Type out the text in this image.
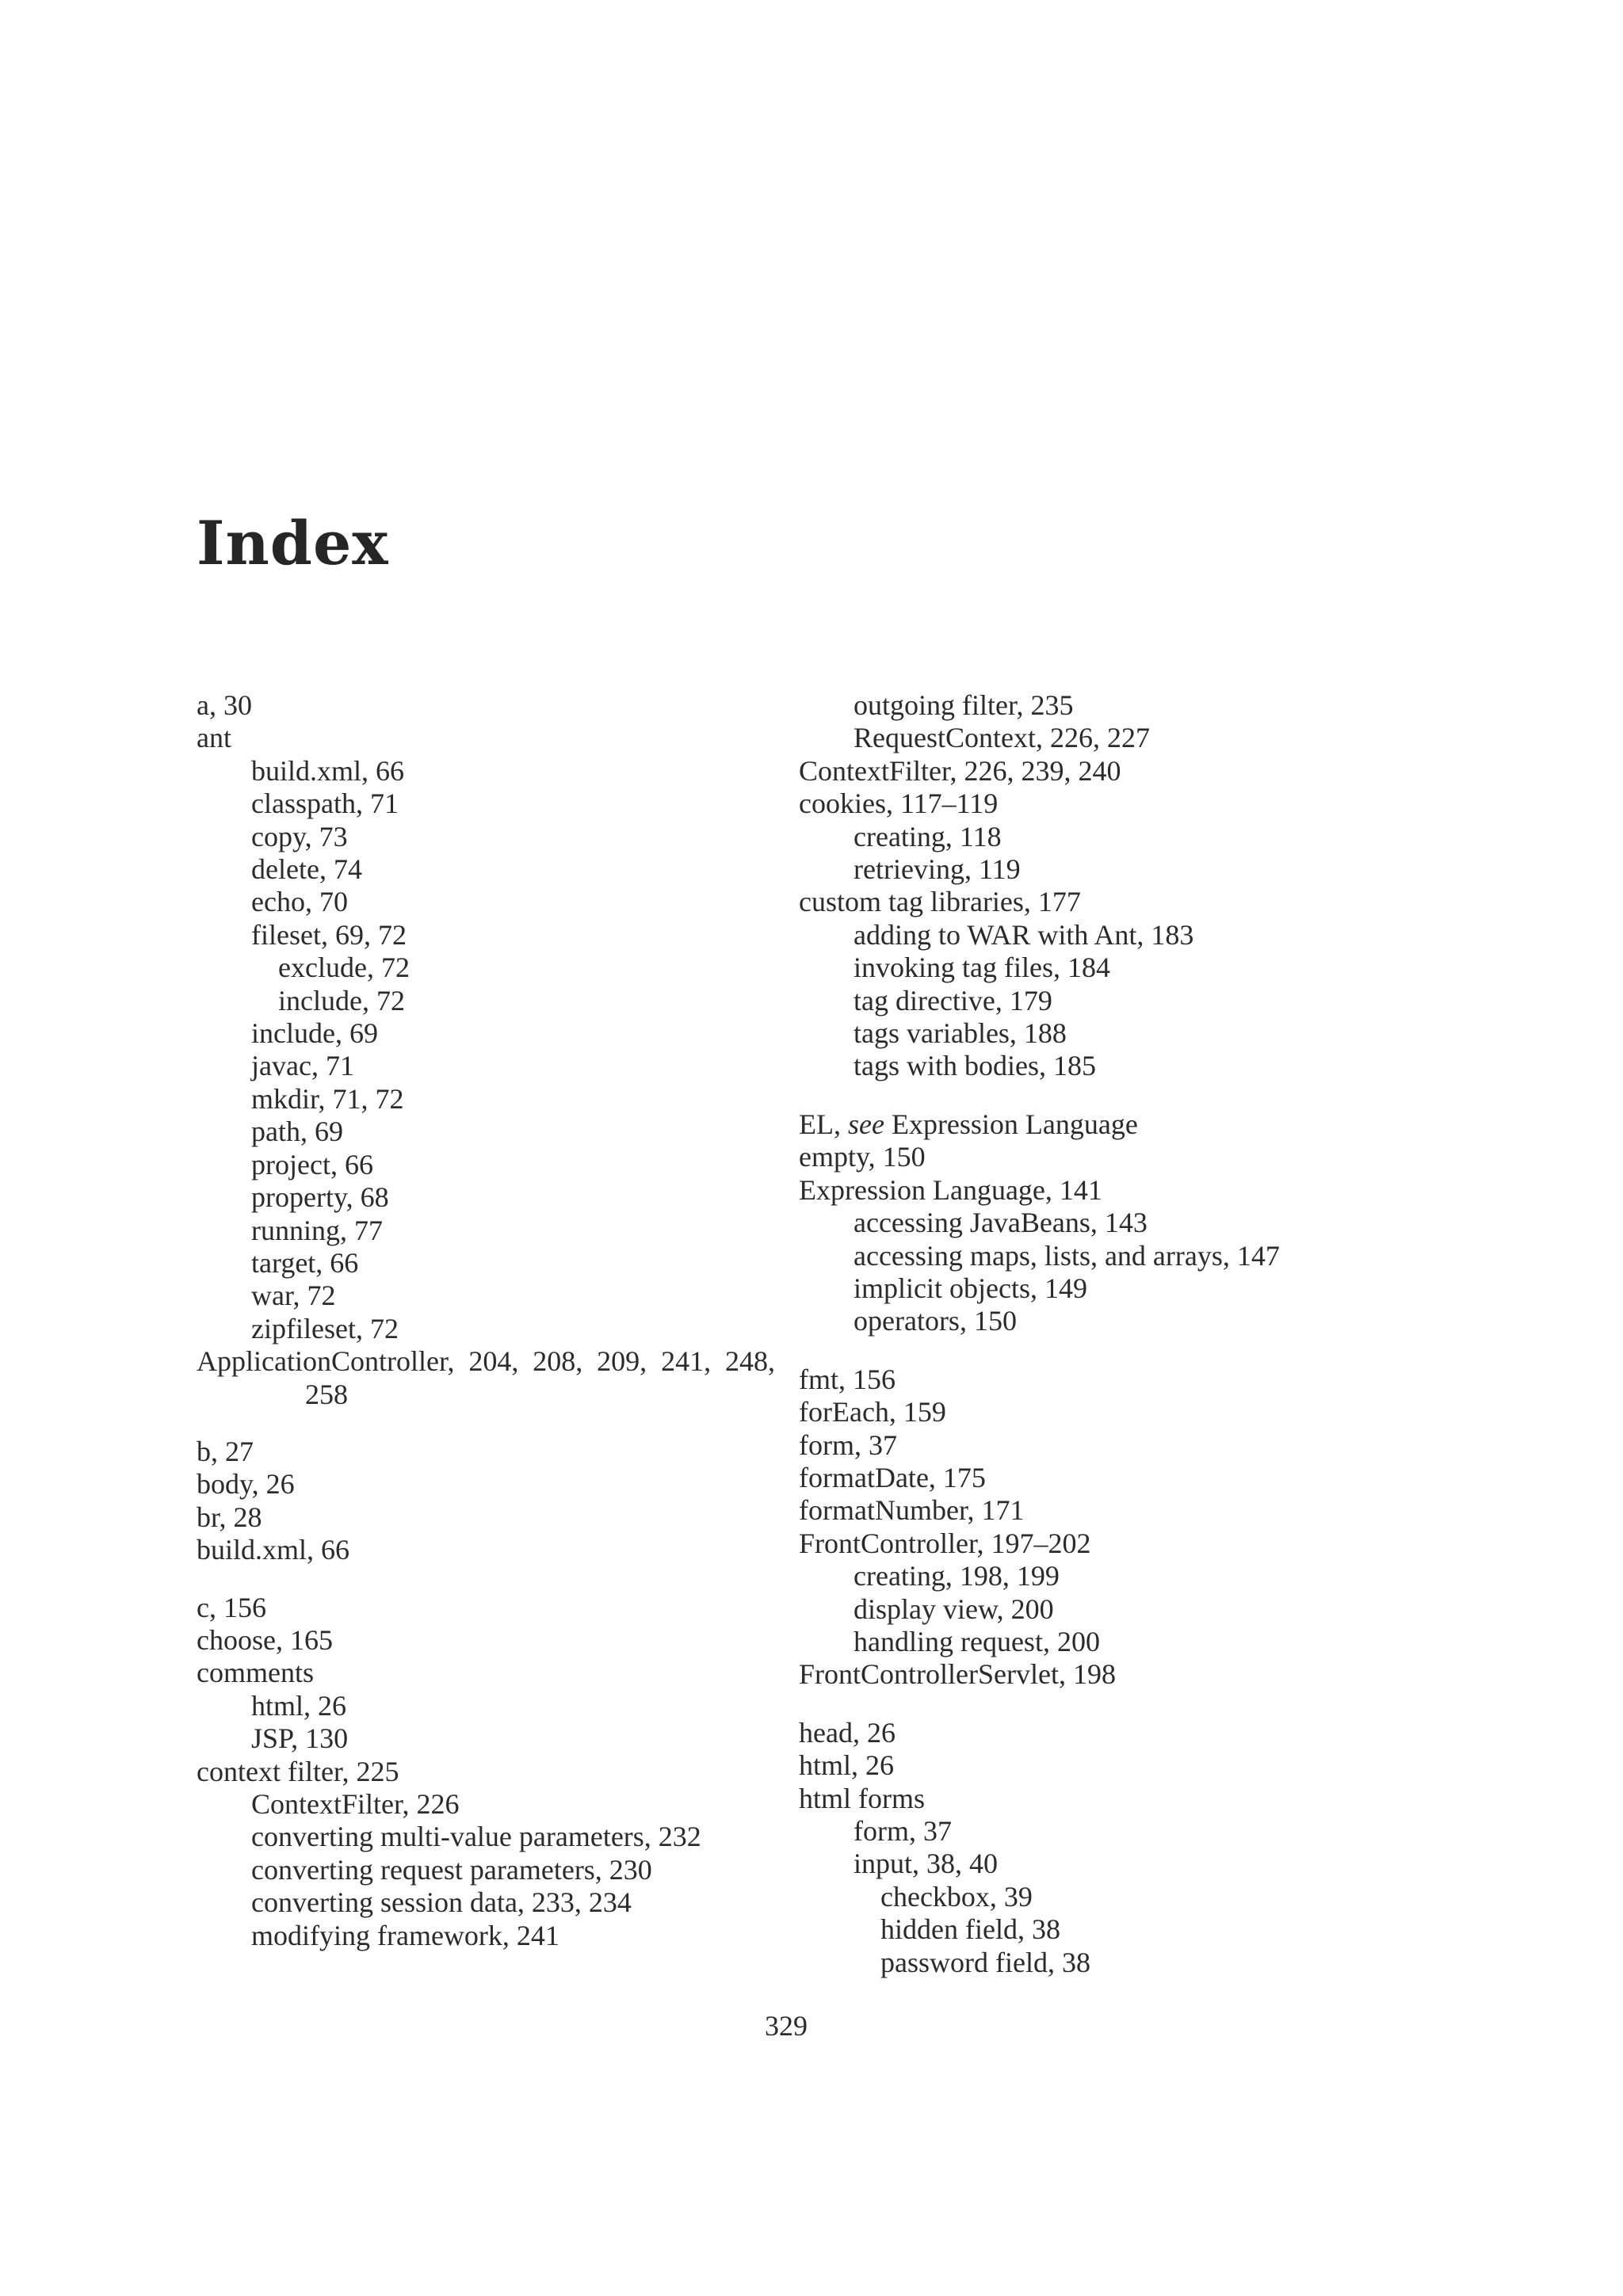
Index
a, 30
ant
build.xml, 66
classpath, 71
copy, 73
delete, 74
echo, 70
fileset, 69, 72
exclude, 72
include, 72
include, 69
javac, 71
mkdir, 71, 72
path, 69
project, 66
property, 68
running, 77
target, 66
war, 72
zipfileset, 72
ApplicationController, 204, 208, 209, 241, 248,
258
b, 27
body, 26
br, 28
build.xml, 66
c, 156
choose, 165
comments
html, 26
JSP, 130
context filter, 225
ContextFilter, 226
converting multi-value parameters, 232
converting request parameters, 230
converting session data, 233, 234
modifying framework, 241
outgoing filter, 235
RequestContext, 226, 227
ContextFilter, 226, 239, 240
cookies, 117–119
creating, 118
retrieving, 119
custom tag libraries, 177
adding to WAR with Ant, 183
invoking tag files, 184
tag directive, 179
tags variables, 188
tags with bodies, 185
EL, see Expression Language
empty, 150
Expression Language, 141
accessing JavaBeans, 143
accessing maps, lists, and arrays, 147
implicit objects, 149
operators, 150
fmt, 156
forEach, 159
form, 37
formatDate, 175
formatNumber, 171
FrontController, 197–202
creating, 198, 199
display view, 200
handling request, 200
FrontControllerServlet, 198
head, 26
html, 26
html forms
form, 37
input, 38, 40
checkbox, 39
hidden field, 38
password field, 38
329
